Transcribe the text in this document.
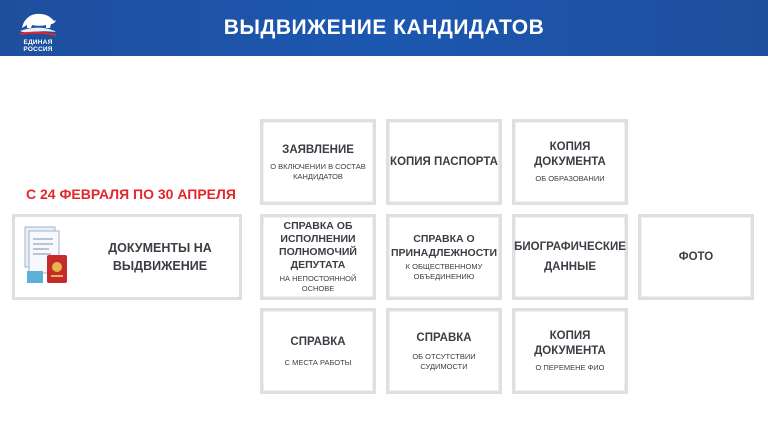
ЕДИНАЯ
РОССИЯ
ВЫДВИЖЕНИЕ КАНДИДАТОВ
С 24 ФЕВРАЛЯ ПО 30 АПРЕЛЯ
ДОКУМЕНТЫ НА ВЫДВИЖЕНИЕ
ЗАЯВЛЕНИЕ
О ВКЛЮЧЕНИИ В СОСТАВ КАНДИДАТОВ
КОПИЯ ПАСПОРТА
КОПИЯ ДОКУМЕНТА
ОБ ОБРАЗОВАНИИ
СПРАВКА ОБ ИСПОЛНЕНИИ ПОЛНОМОЧИЙ ДЕПУТАТА
НА НЕПОСТОЯННОЙ ОСНОВЕ
СПРАВКА О ПРИНАДЛЕЖНОСТИ
К ОБЩЕСТВЕННОМУ ОБЪЕДИНЕНИЮ
БИОГРАФИЧЕСКИЕ ДАННЫЕ
ФОТО
СПРАВКА
С МЕСТА РАБОТЫ
СПРАВКА
ОБ ОТСУТСТВИИ СУДИМОСТИ
КОПИЯ ДОКУМЕНТА
О ПЕРЕМЕНЕ ФИО
